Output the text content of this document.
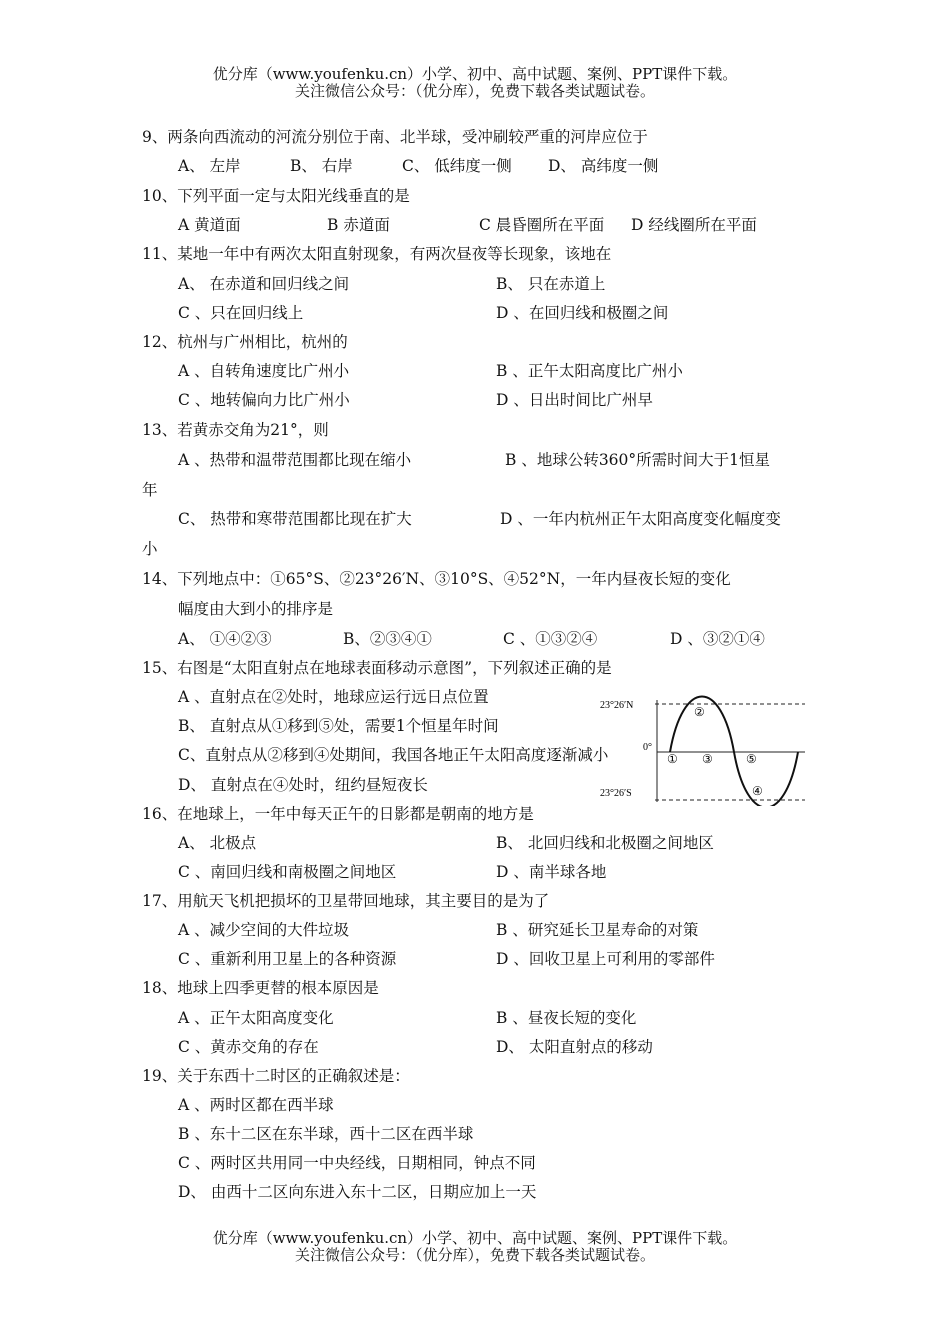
优分库（www.youfenku.cn）小学、初中、高中试题、案例、PPT课件下载。
关注微信公众号：（优分库），免费下载各类试题试卷。
9、两条向西流动的河流分别位于南、北半球，受冲刷较严重的河岸应位于
A、 左岸	B、 右岸	C、 低纬度一侧 D、 高纬度一侧
10、下列平面一定与太阳光线垂直的是
A 黄道面	B 赤道面	C 晨昏圈所在平面 D 经线圈所在平面
11、某地一年中有两次太阳直射现象，有两次昼夜等长现象，该地在
A、 在赤道和回归线之间	B、 只在赤道上
C 、只在回归线上	D 、在回归线和极圈之间
12、杭州与广州相比，杭州的
A 、自转角速度比广州小	B 、正午太阳高度比广州小
C 、地转偏向力比广州小	D 、日出时间比广州早
13、若黄赤交角为21°，则
A 、热带和温带范围都比现在缩小	B 、地球公转360°所需时间大于1恒星
年
C、 热带和寒带范围都比现在扩大	D 、一年内杭州正午太阳高度变化幅度变
小
14、下列地点中：①65°S、②23°26′N、③10°S、④52°N，一年内昼夜长短的变化
幅度由大到小的排序是
A、 ①④②③	B、②③④①	C 、①③②④	D 、③②①④
15、右图是“太阳直射点在地球表面移动示意图”，下列叙述正确的是
A 、直射点在②处时，地球应运行远日点位置
B、 直射点从①移到⑤处，需要1个恒星年时间
C、直射点从②移到④处期间，我国各地正午太阳高度逐渐减小
D、 直射点在④处时，纽约昼短夜长
23°26′N
0°
23°26′S
①
②
③
④
⑤
16、在地球上，一年中每天正午的日影都是朝南的地方是
A、 北极点	B、 北回归线和北极圈之间地区
C 、南回归线和南极圈之间地区	D 、南半球各地
17、用航天飞机把损坏的卫星带回地球，其主要目的是为了
A 、减少空间的大件垃圾	B 、研究延长卫星寿命的对策
C 、重新利用卫星上的各种资源	D 、回收卫星上可利用的零部件
18、地球上四季更替的根本原因是
A 、正午太阳高度变化	B 、昼夜长短的变化
C 、黄赤交角的存在	D、 太阳直射点的移动
19、关于东西十二时区的正确叙述是：
A 、两时区都在西半球
B 、东十二区在东半球，西十二区在西半球
C 、两时区共用同一中央经线，日期相同，钟点不同
D、 由西十二区向东进入东十二区，日期应加上一天
优分库（www.youfenku.cn）小学、初中、高中试题、案例、PPT课件下载。
关注微信公众号：（优分库），免费下载各类试题试卷。
